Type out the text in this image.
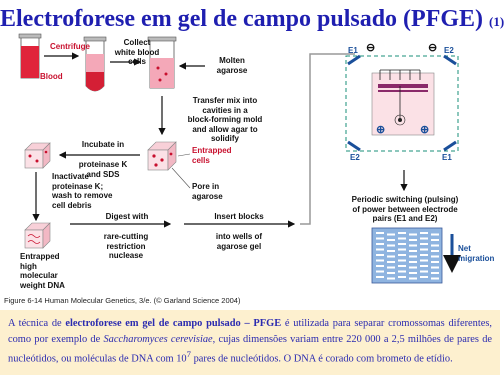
Electroforese em gel de campo pulsado (PFGE) (1)
Centrifuge
Blood
Collect
white blood
cells	Molten
agarose
Transfer mix into
cavities in a
block-forming mold
and allow agar to
solidify
Incubate in
proteinase K
and SDS
Entrapped
cells
Pore in
agarose
Inactivate
proteinase K;
wash to remove
cell debris
Digest with
rare-cutting
restriction
nuclease
Insert blocks
into wells of
agarose gel
Entrapped
high
molecular
weight DNA
E1 ⊖	⊖ E2
E2
⊕	⊕
E1
Periodic switching (pulsing)
of power between electrode
pairs (E1 and E2)
Net
migration
Figure 6-14 Human Molecular Genetics, 3/e. (© Garland Science 2004)
A técnica de electroforese em gel de campo pulsado – PFGE é utilizada para separar cromossomas diferentes, como por exemplo de Saccharomyces cerevisiae, cujas dimensões variam entre 220 000 a 2,5 milhões de pares de nucleótidos, ou moléculas de DNA com $10^7$ pares de nucleótidos. O DNA é corado com brometo de etídio.
